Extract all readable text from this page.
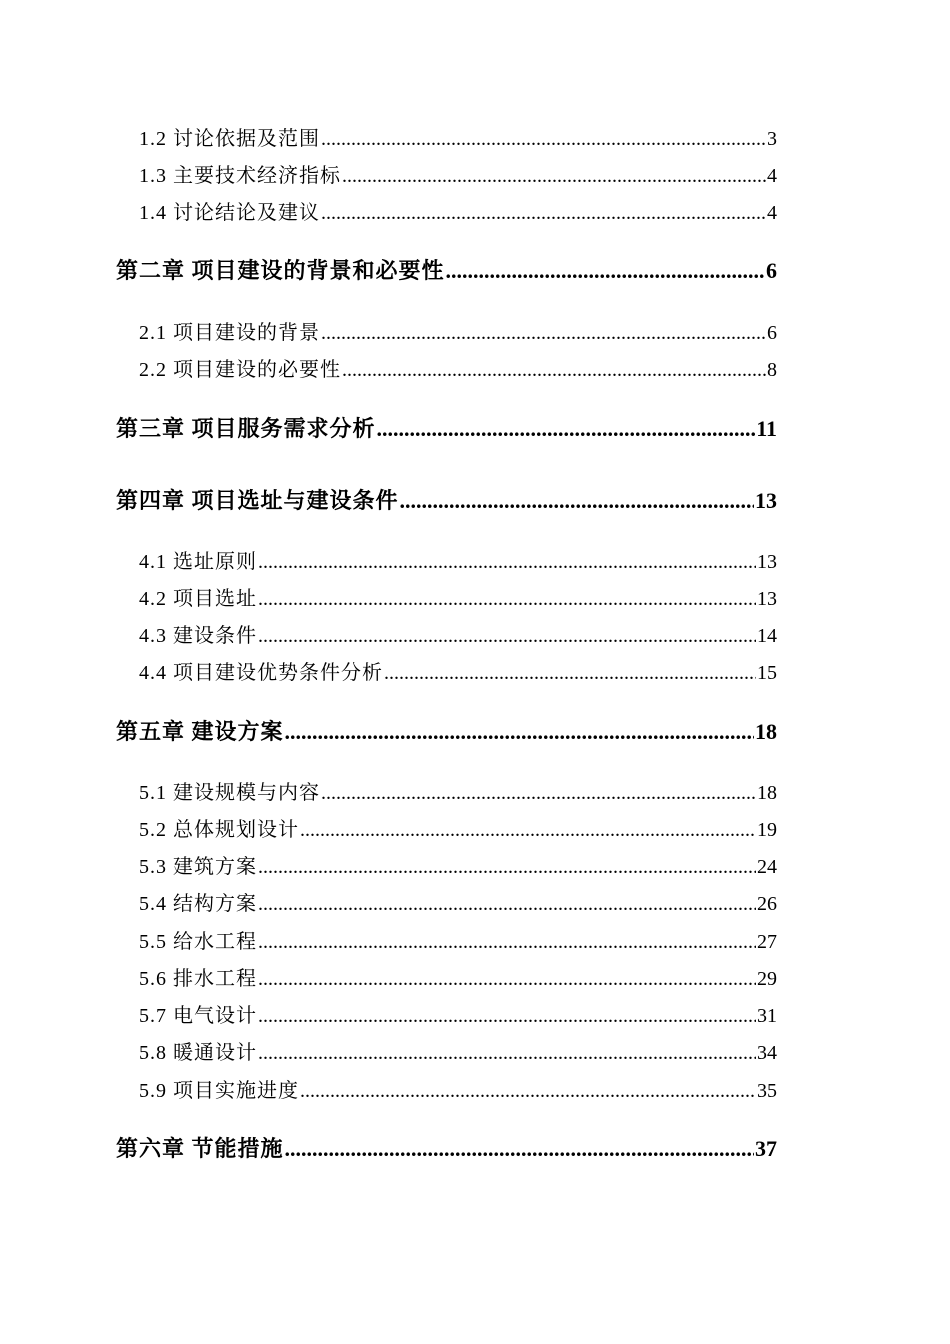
1.2 讨论依据及范围 .....	3
1.3 主要技术经济指标 .....	4
1.4 讨论结论及建议 .....	4
第二章 项目建设的背景和必要性 .....	6
2.1 项目建设的背景 .....	6
2.2 项目建设的必要性 .....	8
第三章 项目服务需求分析 .....	11
第四章 项目选址与建设条件 .....	13
4.1 选址原则 .....	13
4.2 项目选址 .....	13
4.3 建设条件 .....	14
4.4 项目建设优势条件分析 .....	15
第五章 建设方案 .....	18
5.1 建设规模与内容 .....	18
5.2 总体规划设计 .....	19
5.3 建筑方案 .....	24
5.4 结构方案 .....	26
5.5 给水工程 .....	27
5.6 排水工程 .....	29
5.7 电气设计 .....	31
5.8 暖通设计 .....	34
5.9 项目实施进度 .....	35
第六章 节能措施 .....	37
